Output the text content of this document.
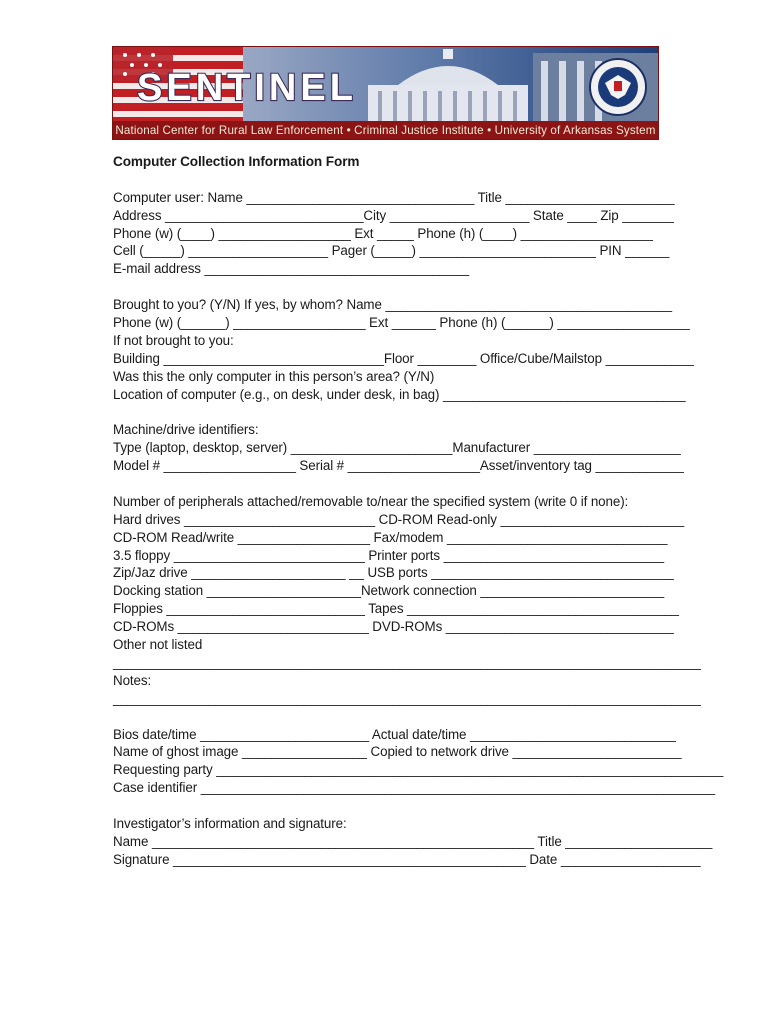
SENTINEL
National Center for Rural Law Enforcement • Criminal Justice Institute • University of Arkansas System
Computer Collection Information Form
Computer user: Name _______________________________ Title _______________________
Address ___________________________City ___________________ State ____ Zip _______
Phone (w) (____) __________________ Ext _____ Phone (h) (____) __________________
Cell (_____) ___________________ Pager (_____) ________________________ PIN ______
E-mail address ____________________________________
Brought to you? (Y/N) If yes, by whom? Name _______________________________________
Phone (w) (______) __________________ Ext ______ Phone (h) (______) __________________
If not brought to you:
Building ______________________________Floor ________ Office/Cube/Mailstop ____________
Was this the only computer in this person’s area? (Y/N)
Location of computer (e.g., on desk, under desk, in bag) _________________________________
Machine/drive identifiers:
Type (laptop, desktop, server) ______________________Manufacturer ____________________
Model # __________________ Serial # __________________Asset/inventory tag ____________
Number of peripherals attached/removable to/near the specified system (write 0 if none):
Hard drives __________________________ CD-ROM Read-only _________________________
CD-ROM Read/write __________________ Fax/modem ______________________________
3.5 floppy __________________________ Printer ports ______________________________
Zip/Jaz drive _____________________ __ USB ports _________________________________
Docking station _____________________Network connection _________________________
Floppies ___________________________ Tapes _____________________________________
CD-ROMs __________________________ DVD-ROMs _______________________________
Other not listed
________________________________________________________________________________
Notes:
________________________________________________________________________________
Bios date/time _______________________ Actual date/time ____________________________
Name of ghost image _________________ Copied to network drive _______________________
Requesting party _____________________________________________________________________
Case identifier ______________________________________________________________________
Investigator’s information and signature:
Name ____________________________________________________ Title ____________________
Signature ________________________________________________ Date ___________________
